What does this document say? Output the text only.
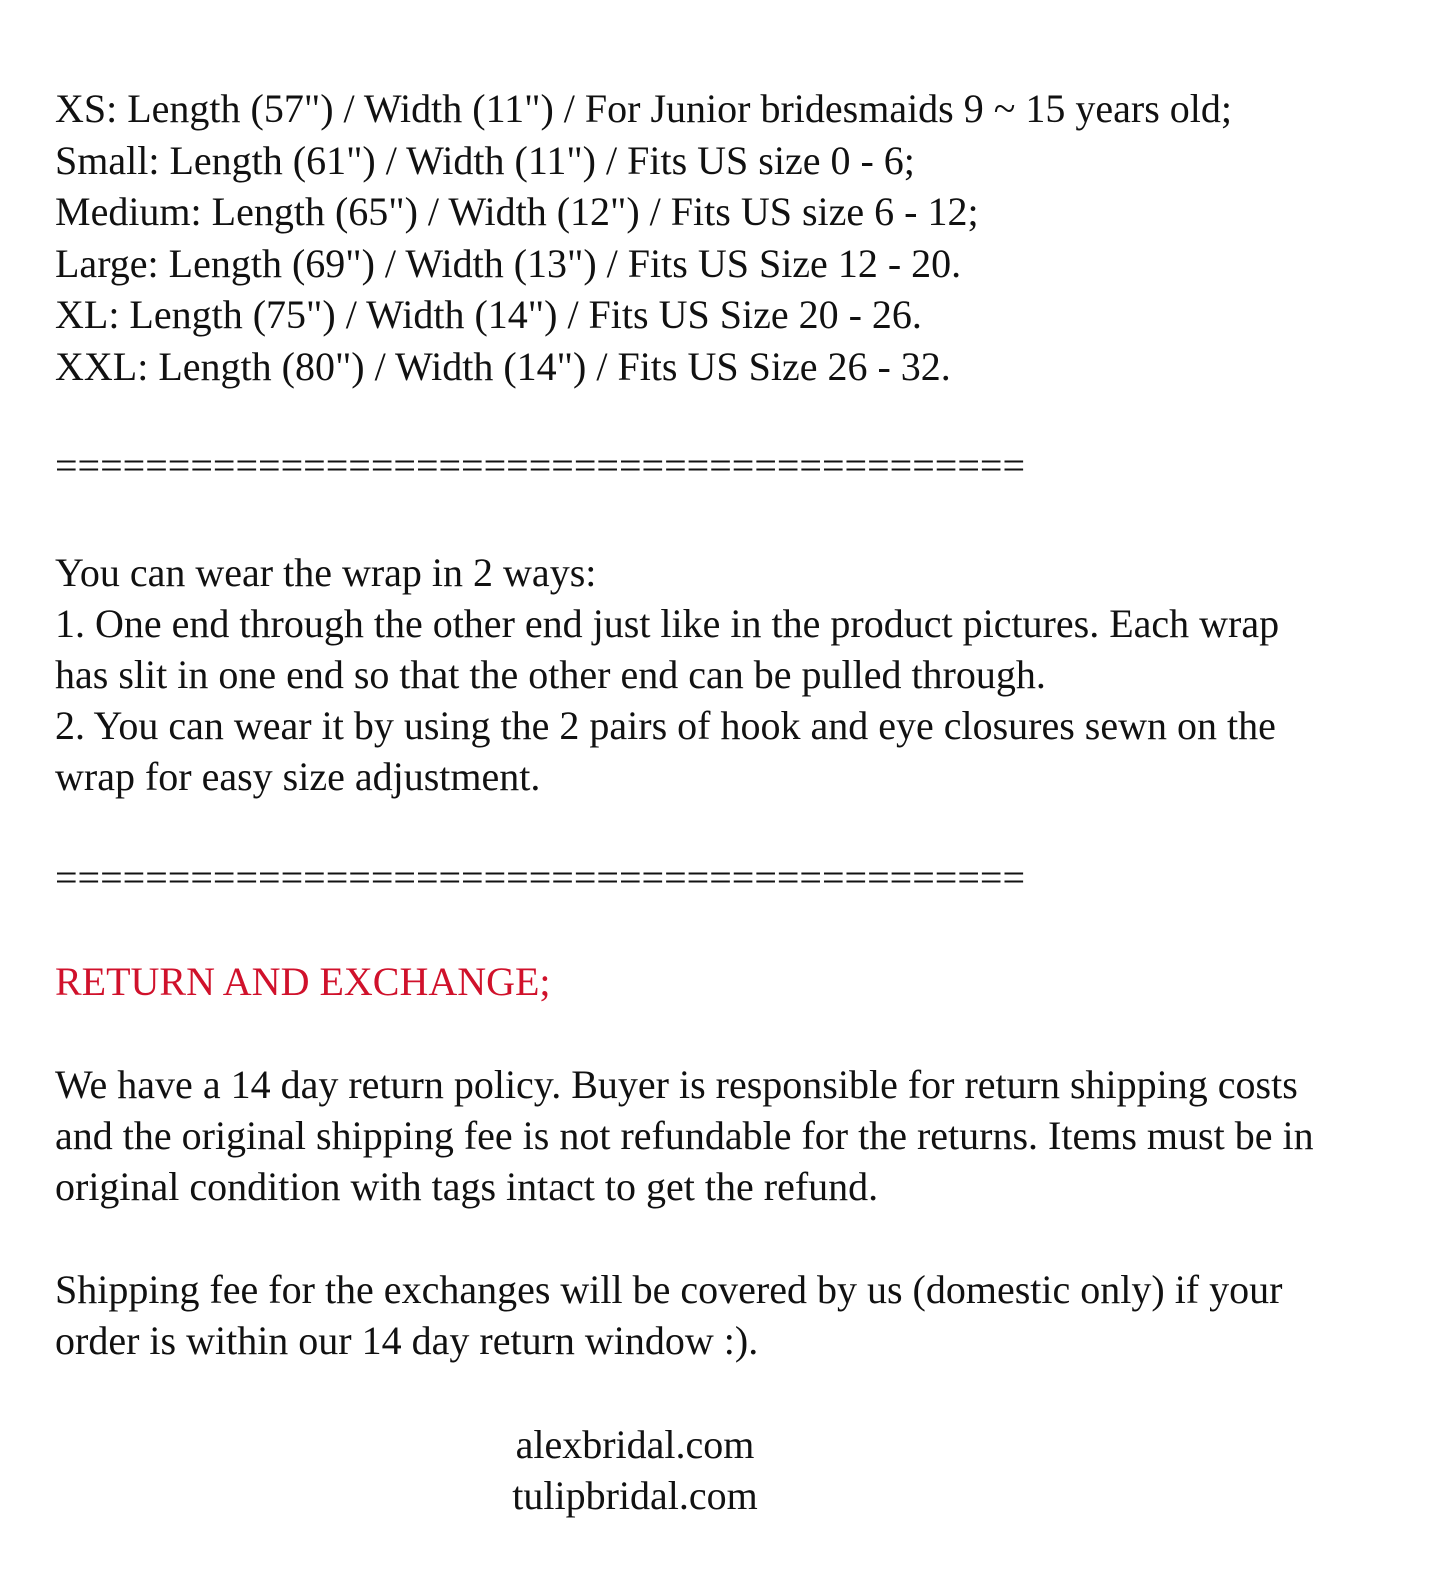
XS: Length (57") / Width (11") / For Junior bridesmaids 9 ~ 15 years old;
Small: Length (61") / Width (11") / Fits US size 0 - 6;
Medium: Length (65") / Width (12") / Fits US size 6 - 12;
Large: Length (69") / Width (13") / Fits US Size 12 - 20.
XL: Length (75") / Width (14") / Fits US Size 20 - 26.
XXL: Length (80") / Width (14") / Fits US Size 26 - 32.
===========================================
You can wear the wrap in 2 ways:
1. One end through the other end just like in the product pictures. Each wrap
has slit in one end so that the other end can be pulled through.
2. You can wear it by using the 2 pairs of hook and eye closures sewn on the
wrap for easy size adjustment.
===========================================
RETURN AND EXCHANGE;
We have a 14 day return policy. Buyer is responsible for return shipping costs
and the original shipping fee is not refundable for the returns. Items must be in
original condition with tags intact to get the refund.
Shipping fee for the exchanges will be covered by us (domestic only) if your
order is within our 14 day return window :).
alexbridal.com
tulipbridal.com
